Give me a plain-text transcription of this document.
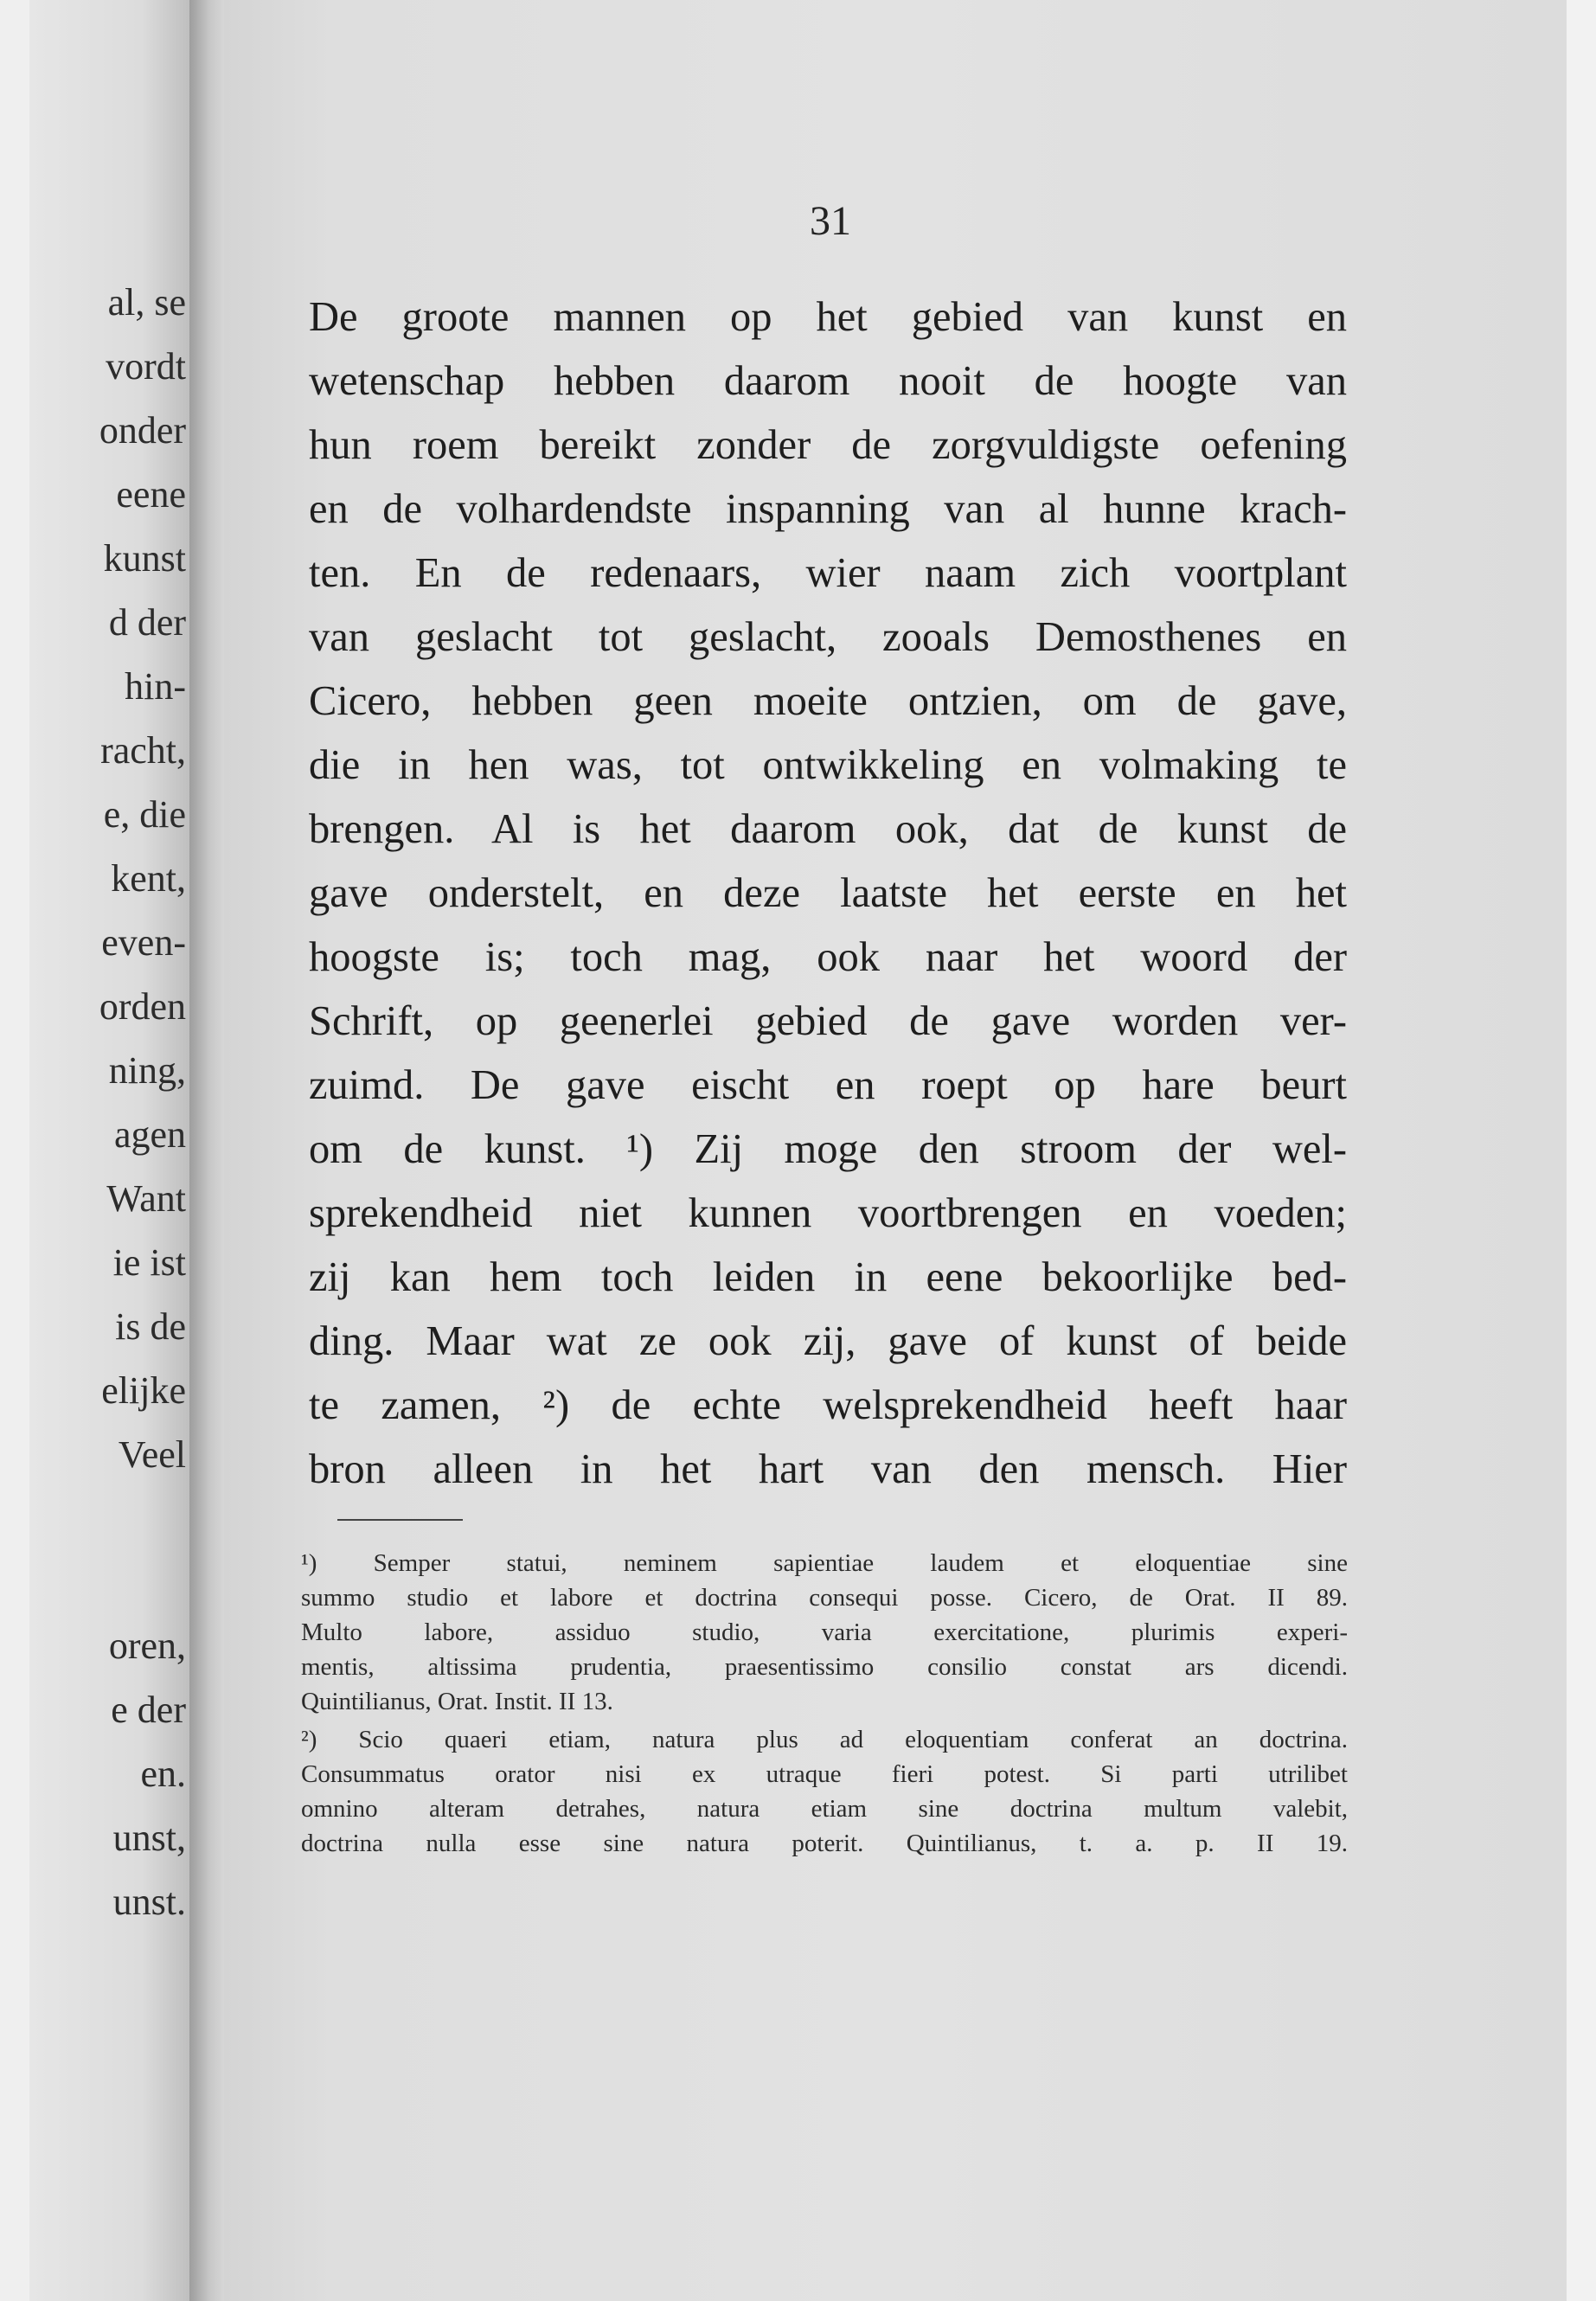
al, se
vordt
onder
eene
kunst
d der
hin-
racht,
e, die
kent,
even-
orden
ning,
agen
Want
ie ist
is de
elijke
Veel
oren,
e der
en.
unst,
unst.
31
De groote mannen op het gebied van kunst en
wetenschap hebben daarom nooit de hoogte van
hun roem bereikt zonder de zorgvuldigste oefening
en de volhardendste inspanning van al hunne krach-
ten. En de redenaars, wier naam zich voortplant
van geslacht tot geslacht, zooals Demosthenes en
Cicero, hebben geen moeite ontzien, om de gave,
die in hen was, tot ontwikkeling en volmaking te
brengen. Al is het daarom ook, dat de kunst de
gave onderstelt, en deze laatste het eerste en het
hoogste is; toch mag, ook naar het woord der
Schrift, op geenerlei gebied de gave worden ver-
zuimd. De gave eischt en roept op hare beurt
om de kunst. ¹) Zij moge den stroom der wel-
sprekendheid niet kunnen voortbrengen en voeden;
zij kan hem toch leiden in eene bekoorlijke bed-
ding. Maar wat ze ook zij, gave of kunst of beide
te zamen, ²) de echte welsprekendheid heeft haar
bron alleen in het hart van den mensch. Hier
¹) Semper statui, neminem sapientiae laudem et eloquentiae sine
summo studio et labore et doctrina consequi posse. Cicero, de Orat. II 89.
Multo labore, assiduo studio, varia exercitatione, plurimis experi-
mentis, altissima prudentia, praesentissimo consilio constat ars dicendi.
Quintilianus, Orat. Instit. II 13.
²) Scio quaeri etiam, natura plus ad eloquentiam conferat an doctrina.
Consummatus orator nisi ex utraque fieri potest. Si parti utrilibet
omnino alteram detrahes, natura etiam sine doctrina multum valebit,
doctrina nulla esse sine natura poterit. Quintilianus, t. a. p. II 19.
